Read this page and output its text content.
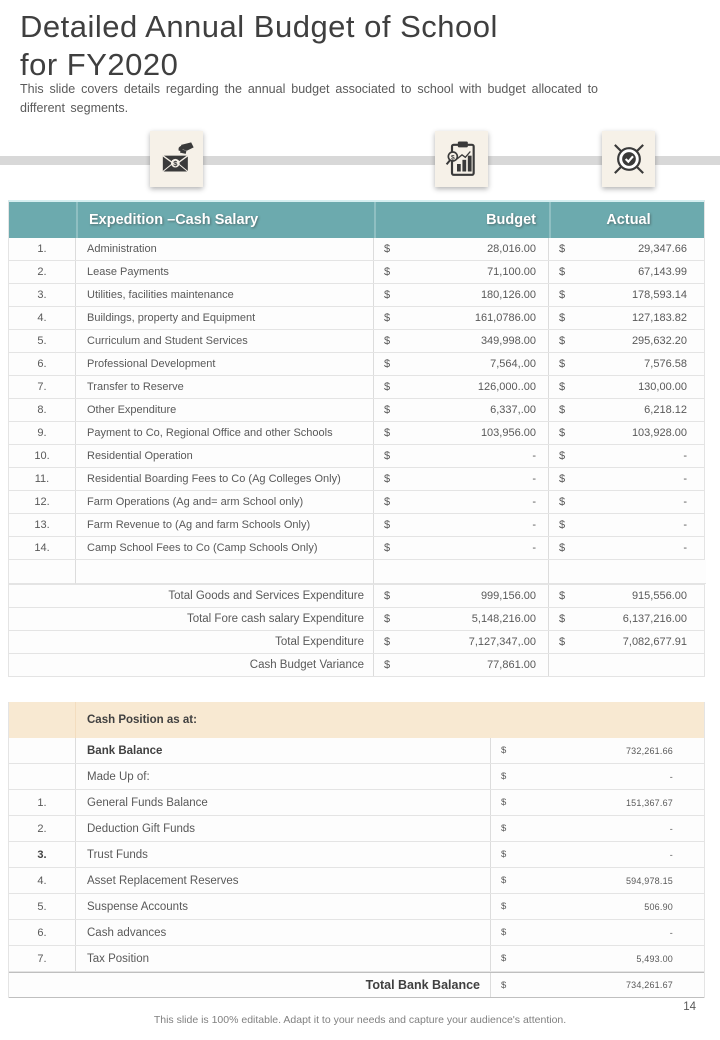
Detailed Annual Budget of School
for FY2020
This slide covers details regarding the annual budget associated to school with budget allocated to different segments.
$
$
Expedition –Cash Salary	Budget	Actual
1.	Administration	$	28,016.00 $	29,347.66
2.	Lease Payments	$	71,100.00 $	67,143.99
3.	Utilities, facilities maintenance	$	180,126.00 $	178,593.14
4.	Buildings, property and Equipment	$	161,0786.00 $	127,183.82
5.	Curriculum and Student Services	$	349,998.00 $	295,632.20
6.	Professional Development	$	7,564,.00 $	7,576.58
7.	Transfer to Reserve	$	126,000..00 $	130,00.00
8.	Other Expenditure	$	6,337,.00 $	6,218.12
9.	Payment to Co, Regional Office and other Schools	$	103,956.00 $	103,928.00
10.	Residential Operation	$	- $	-
11.	Residential Boarding Fees to Co (Ag Colleges Only)	$	- $	-
12.	Farm Operations (Ag and= arm School only)	$	- $	-
13.	Farm Revenue to (Ag and farm Schools Only)	$	- $	-
14.	Camp School Fees to Co (Camp Schools Only)	$	- $	-
Total Goods and Services Expenditure	$	999,156.00 $	915,556.00
Total Fore cash salary Expenditure	$	5,148,216.00 $	6,137,216.00
Total Expenditure	$	7,127,347,.00 $	7,082,677.91
Cash Budget Variance	$	77,861.00
Cash Position as at:
Bank Balance	$	732,261.66
Made Up of:	$	-
1.	General Funds Balance	$	151,367.67
2.	Deduction Gift Funds	$	-
3.	Trust Funds	$	-
4.	Asset Replacement Reserves	$	594,978.15
5.	Suspense Accounts	$	506.90
6.	Cash advances	$	-
7.	Tax Position	$	5,493.00
Total Bank Balance	$	734,261.67
This slide is 100% editable. Adapt it to your needs and capture your audience's attention.
14
